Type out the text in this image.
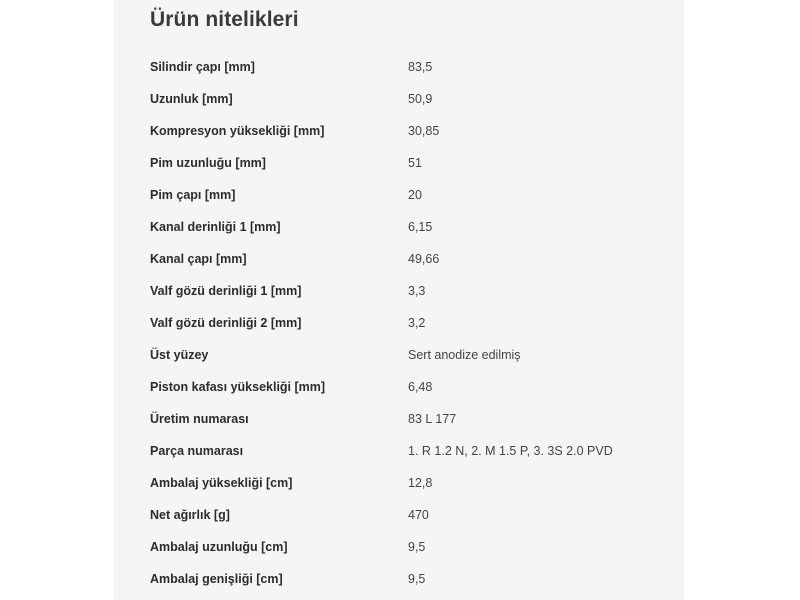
Ürün nitelikleri
Silindir çapı [mm]	83,5
Uzunluk [mm]	50,9
Kompresyon yüksekliği [mm]	30,85
Pim uzunluğu [mm]	51
Pim çapı [mm]	20
Kanal derinliği 1 [mm]	6,15
Kanal çapı [mm]	49,66
Valf gözü derinliği 1 [mm]	3,3
Valf gözü derinliği 2 [mm]	3,2
Üst yüzey	Sert anodize edilmiş
Piston kafası yüksekliği [mm]	6,48
Üretim numarası	83 L 177
Parça numarası	1. R 1.2 N, 2. M 1.5 P, 3. 3S 2.0 PVD
Ambalaj yüksekliği [cm]	12,8
Net ağırlık [g]	470
Ambalaj uzunluğu [cm]	9,5
Ambalaj genişliği [cm]	9,5
